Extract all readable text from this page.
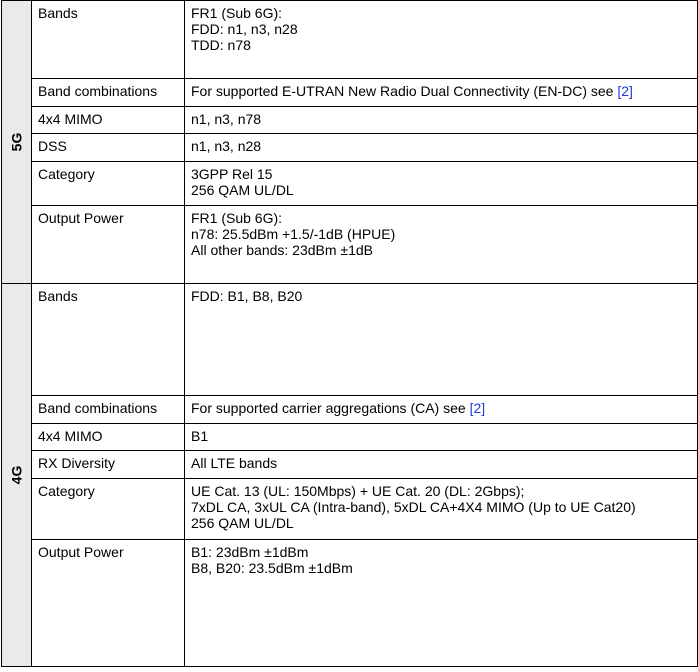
5G	Bands	FR1 (Sub 6G):
FDD: n1, n3, n28
TDD: n78

	Band combinations	For supported E-UTRAN New Radio Dual Connectivity (EN-DC) see [2]

	4x4 MIMO	n1, n3, n78

	DSS	n1, n3, n28

	Category	3GPP Rel 15
256 QAM UL/DL

	Output Power	FR1 (Sub 6G):
n78: 25.5dBm +1.5/-1dB (HPUE)
All other bands: 23dBm ±1dB

4G	Bands	FDD: B1, B8, B20

	Band combinations	For supported carrier aggregations (CA) see [2]

	4x4 MIMO	B1

	RX Diversity	All LTE bands

	Category	UE Cat. 13 (UL: 150Mbps) + UE Cat. 20 (DL: 2Gbps);
7xDL CA, 3xUL CA (Intra-band), 5xDL CA+4X4 MIMO (Up to UE Cat20)
256 QAM UL/DL

	Output Power	B1: 23dBm ±1dBm
B8, B20: 23.5dBm ±1dBm
